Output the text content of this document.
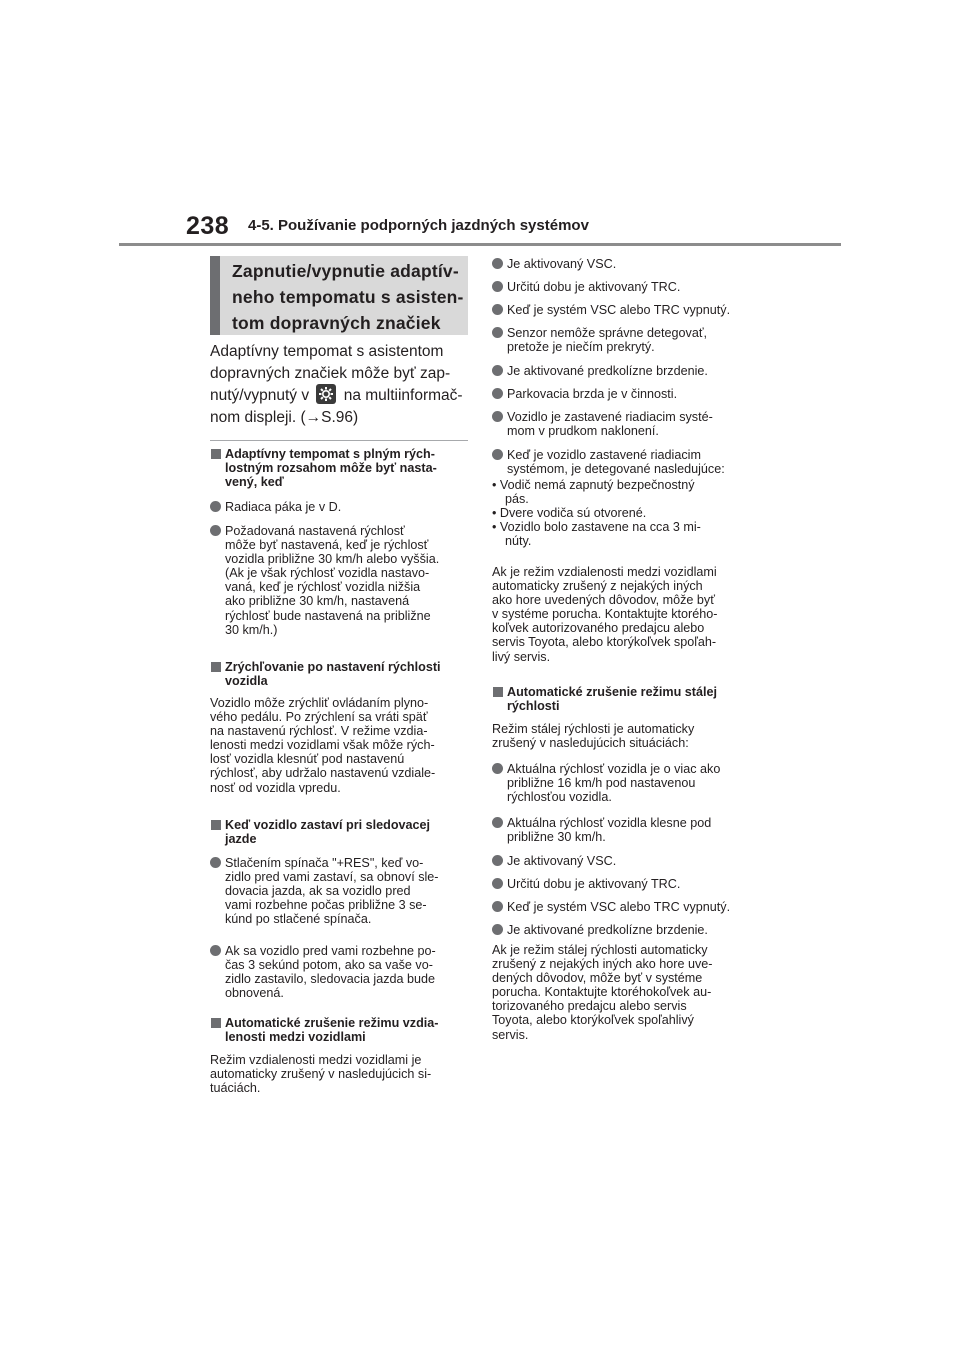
238 4-5. Používanie podporných jazdných systémov
Zapnutie/vypnutie adaptív-
neho tempomatu s asisten-
tom dopravných značiek
Adaptívny tempomat s asistentom
dopravných značiek môže byť zap-
nutý/vypnutý v
na multiinformač-
nom displeji. (→S.96)
Adaptívny tempomat s plným rých-
lostným rozsahom môže byť nasta-
vený, keď
Radiaca páka je v D.
Požadovaná nastavená rýchlosť
môže byť nastavená, keď je rýchlosť
vozidla približne 30 km/h alebo vyššia.
(Ak je však rýchlosť vozidla nastavo-
vaná, keď je rýchlosť vozidla nižšia
ako približne 30 km/h, nastavená
rýchlosť bude nastavená na približne
30 km/h.)
Zrýchľovanie po nastavení rýchlosti
vozidla
Vozidlo môže zrýchliť ovládaním plyno-
vého pedálu. Po zrýchlení sa vráti späť
na nastavenú rýchlosť. V režime vzdia-
lenosti medzi vozidlami však môže rých-
losť vozidla klesnúť pod nastavenú
rýchlosť, aby udržalo nastavenú vzdiale-
nosť od vozidla vpredu.
Keď vozidlo zastaví pri sledovacej
jazde
Stlačením spínača "+RES", keď vo-
zidlo pred vami zastaví, sa obnoví sle-
dovacia jazda, ak sa vozidlo pred
vami rozbehne počas približne 3 se-
kúnd po stlačené spínača.
Ak sa vozidlo pred vami rozbehne po-
čas 3 sekúnd potom, ako sa vaše vo-
zidlo zastavilo, sledovacia jazda bude
obnovená.
Automatické zrušenie režimu vzdia-
lenosti medzi vozidlami
Režim vzdialenosti medzi vozidlami je
automaticky zrušený v nasledujúcich si-
tuáciách.
Je aktivovaný VSC.
Určitú dobu je aktivovaný TRC.
Keď je systém VSC alebo TRC vypnutý.
Senzor nemôže správne detegovať,
pretože je niečím prekrytý.
Je aktivované predkolízne brzdenie.
Parkovacia brzda je v činnosti.
Vozidlo je zastavené riadiacim systé-
mom v prudkom naklonení.
Keď je vozidlo zastavené riadiacim
systémom, je detegované nasledujúce:
• Vodič nemá zapnutý bezpečnostný
pás.
• Dvere vodiča sú otvorené.
• Vozidlo bolo zastavene na cca 3 mi-
núty.
Ak je režim vzdialenosti medzi vozidlami
automaticky zrušený z nejakých iných
ako hore uvedených dôvodov, môže byť
v systéme porucha. Kontaktujte ktorého-
koľvek autorizovaného predajcu alebo
servis Toyota, alebo ktorýkoľvek spoľah-
livý servis.
Automatické zrušenie režimu stálej
rýchlosti
Režim stálej rýchlosti je automaticky
zrušený v nasledujúcich situáciách:
Aktuálna rýchlosť vozidla je o viac ako
približne 16 km/h pod nastavenou
rýchlosťou vozidla.
Aktuálna rýchlosť vozidla klesne pod
približne 30 km/h.
Je aktivovaný VSC.
Určitú dobu je aktivovaný TRC.
Keď je systém VSC alebo TRC vypnutý.
Je aktivované predkolízne brzdenie.
Ak je režim stálej rýchlosti automaticky
zrušený z nejakých iných ako hore uve-
dených dôvodov, môže byť v systéme
porucha. Kontaktujte ktoréhokoľvek au-
torizovaného predajcu alebo servis
Toyota, alebo ktorýkoľvek spoľahlivý
servis.
